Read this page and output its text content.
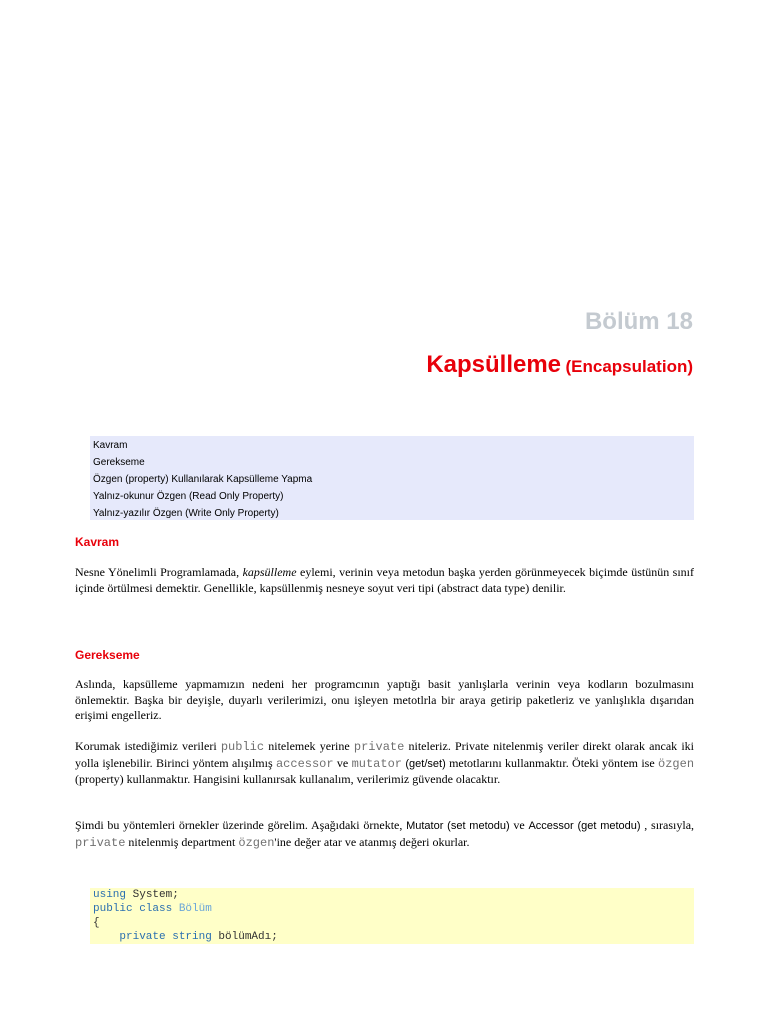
Bölüm 18
Kapsülleme (Encapsulation)
Kavram
Gerekseme
Özgen (property) Kullanılarak Kapsülleme Yapma
Yalnız-okunur Özgen (Read Only Property)
Yalnız-yazılır Özgen (Write Only Property)
Kavram
Nesne Yönelimli Programlamada, kapsülleme eylemi, verinin veya metodun başka yerden görünmeyecek biçimde üstünün sınıf içinde örtülmesi demektir. Genellikle, kapsüllenmiş nesneye soyut veri tipi (abstract data type) denilir.
Gerekseme
Aslında, kapsülleme yapmamızın nedeni her programcının yaptığı basit yanlışlarla verinin veya kodların bozulmasını önlemektir. Başka bir deyişle, duyarlı verilerimizi, onu işleyen metotlrla bir araya getirip paketleriz ve yanlışlıkla dışarıdan erişimi engelleriz.
Korumak istediğimiz verileri public nitelemek yerine private niteleriz. Private nitelenmiş veriler direkt olarak ancak iki yolla işlenebilir. Birinci yöntem alışılmış accessor ve mutator (get/set) metotlarını kullanmaktır. Öteki yöntem ise özgen (property) kullanmaktır. Hangisini kullanırsak kullanalım, verilerimiz güvende olacaktır.
Şimdi bu yöntemleri örnekler üzerinde görelim. Aşağıdaki örnekte, Mutator (set metodu) ve Accessor (get metodu) , sırasıyla, private nitelenmiş department özgen'ine değer atar ve atanmış değeri okurlar.
using System;
public class Bölüm
{
private string bölümAdı;
